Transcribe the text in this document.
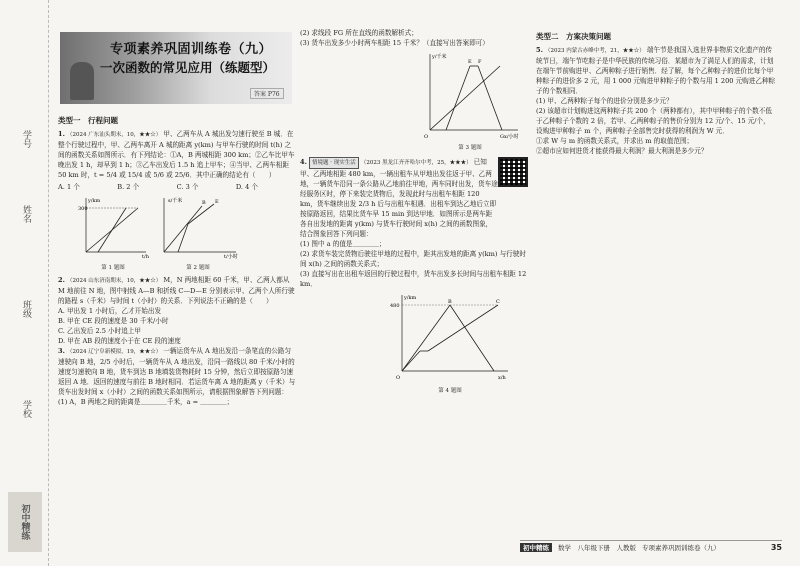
学号
姓名
班级
学校
初中精练
专项素养巩固训练卷（九）
一次函数的常见应用（练题型）
答案 P76
类型一　行程问题

1. （2024 广东汕头期末，10，★★☆） 甲、乙两车从 A 城出发匀速行驶至 B 城．在整个行驶过程中，甲、乙两车离开 A 城的距离 y(km) 与甲车行驶的时间 t(h) 之间的函数关系如图所示．有下列结论：①A，B 两城相距 300 km；②乙车比甲车晚出发 1 h，却早到 1 h；③乙车出发后 1.5 h 追上甲车；④当甲、乙两车相距 50 km 时，t = 5/4 或 15/4 或 5/6 或 25/6．其中正确的结论有（　　）

A. 1 个	B. 2 个	C. 3 个	D. 4 个
300
t/h
y/km
第 1 题图
s/千米
t/小时
B E
第 2 题图

2. （2024 山东济南期末，10，★★☆） M，N 两地相距 60 千米，甲、乙两人都从 M 地前往 N 地，图中射线 A—B 和折线 C—D—E 分别表示甲、乙两个人所行驶的路程 s（千米）与时间 t（小时）的关系．下列说法不正确的是（　　）

A. 甲出发 1 小时后，乙才开始出发

B. 甲在 CE 段的速度是 30 千米/小时

C. 乙出发后 2.5 小时追上甲

D. 甲在 AB 段的速度小于在 CE 段的速度

3. （2024 辽宁阜新模拟，19，★★☆） 一辆运货车从 A 地出发沿一条笔直的公路匀速驶向 B 地，2/5 小时后，一辆货车从 A 地出发，沿同一路线以 80 千米/小时的速度匀速驶向 B 地，货车到达 B 地填装货物耗时 15 分钟，然后立即按原路匀速返回 A 地．返回的速度与前往 B 地时相同．若运货车离 A 地的距离 y（千米）与货车出发时间 x（小时）之间的函数关系如图所示，请根据图象解答下列问题：

(1) A，B 两地之间的距离是＿＿＿＿千米，a = ＿＿＿＿；

(2) 求线段 FG 所在直线的函数解析式；

(3) 货车出发多少小时两车相距 15 千米？（直接写出答案即可）

y/千米
x/小时
E F
G
O
第 3 题图

4. 情境题 · 现实生活 （2023 黑龙江齐齐哈尔中考，25，★★★） 已知甲、乙两地相距 480 km，一辆出租车从甲地出发往返于甲、乙两地，一辆货车沿同一条公路从乙地前往甲地，两车同时出发，货车途经服务区时，停下来装完货物后，发现此时与出租车相距 120 km，货车继续出发 2/3 h 后与出租车相遇．出租车到达乙地后立即按原路返回，结果比货车早 15 min 到达甲地．如图所示是两车距各自出发地的距离 y(km) 与货车行驶时间 x(h) 之间的函数图象，结合图象回答下列问题：

(1) 图中 a 的值是＿＿＿＿；

(2) 求货车装完货物后驶往甲地的过程中，距其出发地的距离 y(km) 与行驶时间 x(h) 之间的函数关系式；

(3) 直接写出在出租车返回的行驶过程中，货车出发多长时间与出租车相距 12 km．

480
y/km
x/h
B	C
O
第 4 题图
类型二　方案决策问题

5. （2023 内蒙古赤峰中考，21，★★☆） 端午节是我国入选世界非物质文化遗产的传统节日，端午节吃粽子是中华民族的传统习俗．某超市为了满足人们的需求，计划在端午节前购进甲、乙两种粽子进行销售．经了解，每个乙种粽子的进价比每个甲种粽子的进价多 2 元，用 1 000 元购进甲种粽子的个数与用 1 200 元购进乙种粽子的个数相同．

(1) 甲、乙两种粽子每个的进价分别是多少元？

(2) 该超市计划购进这两种粽子共 200 个（两种都有），其中甲种粽子的个数不低于乙种粽子个数的 2 倍，若甲、乙两种粽子的售价分别为 12 元/个、15 元/个，设购进甲种粽子 m 个，两种粽子全部售完时获得的利润为 W 元．

①求 W 与 m 的函数关系式，并求出 m 的取值范围；

②超市应如何进货才能获得最大利润？最大利润是多少元？

初中精练	数学　八年级下册　人教版 专项素养巩固训练卷（九）	35
